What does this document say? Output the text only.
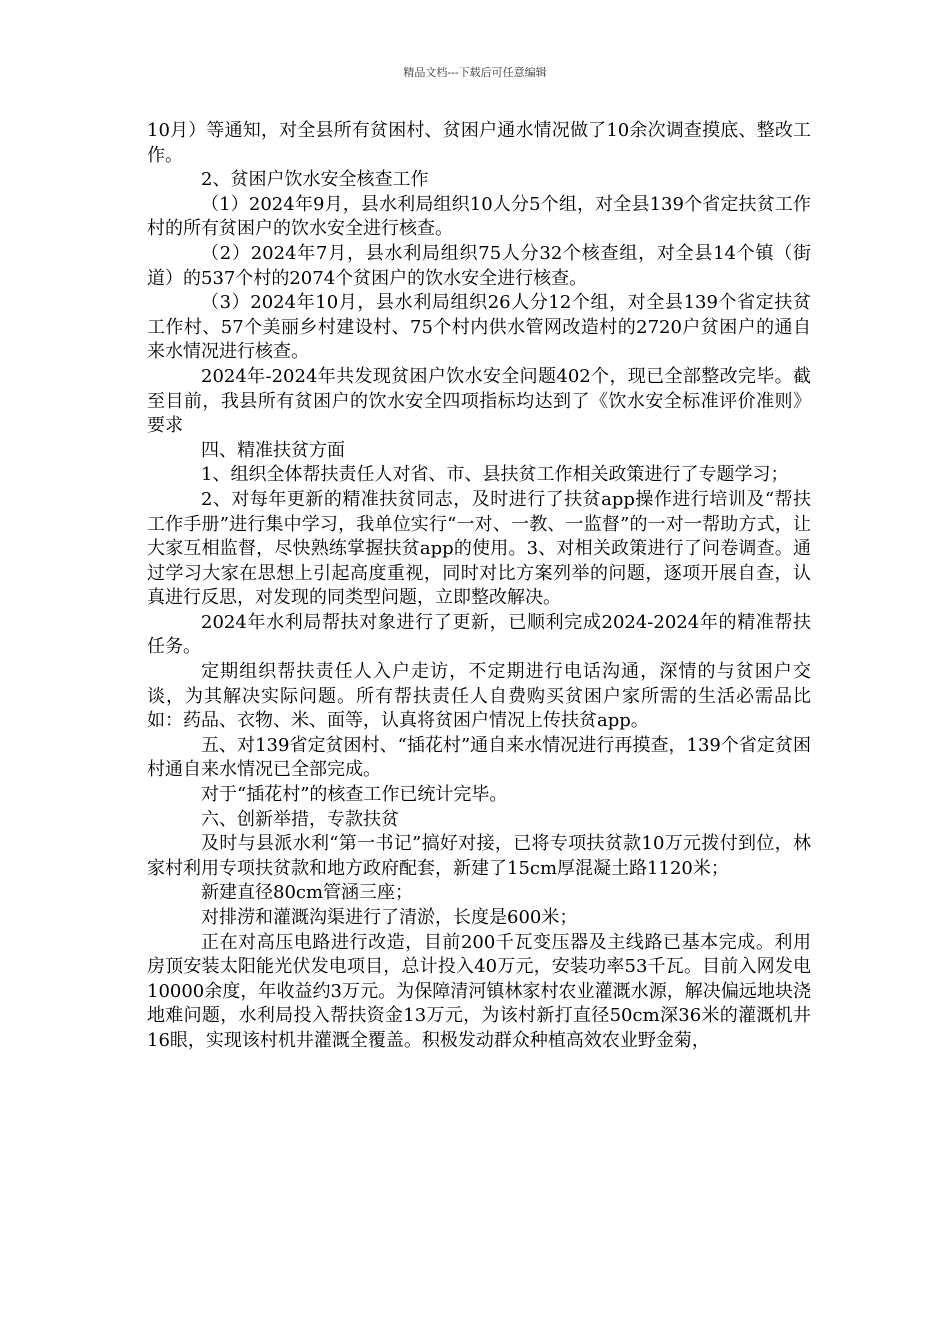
精品文档---下载后可任意编辑

10月）等通知，对全县所有贫困村、贫困户通水情况做了10余次调查摸底、整改工作。

2、贫困户饮水安全核查工作

（1）2024年9月，县水利局组织10人分5个组，对全县139个省定扶贫工作村的所有贫困户的饮水安全进行核查。

（2）2024年7月，县水利局组织75人分32个核查组，对全县14个镇（街道）的537个村的2074个贫困户的饮水安全进行核查。

（3）2024年10月，县水利局组织26人分12个组，对全县139个省定扶贫工作村、57个美丽乡村建设村、75个村内供水管网改造村的2720户贫困户的通自来水情况进行核查。

2024年-2024年共发现贫困户饮水安全问题402个，现已全部整改完毕。截至目前，我县所有贫困户的饮水安全四项指标均达到了《饮水安全标准评价准则》要求

四、精准扶贫方面

1、组织全体帮扶责任人对省、市、县扶贫工作相关政策进行了专题学习；

2、对每年更新的精准扶贫同志，及时进行了扶贫app操作进行培训及“帮扶工作手册”进行集中学习，我单位实行“一对、一教、一监督”的一对一帮助方式，让大家互相监督，尽快熟练掌握扶贫app的使用。3、对相关政策进行了问卷调查。通过学习大家在思想上引起高度重视，同时对比方案列举的问题，逐项开展自查，认真进行反思，对发现的同类型问题，立即整改解决。

2024年水利局帮扶对象进行了更新，已顺利完成2024-2024年的精准帮扶任务。

定期组织帮扶责任人入户走访，不定期进行电话沟通，深情的与贫困户交谈，为其解决实际问题。所有帮扶责任人自费购买贫困户家所需的生活必需品比如：药品、衣物、米、面等，认真将贫困户情况上传扶贫app。

五、对139省定贫困村、“插花村”通自来水情况进行再摸查，139个省定贫困村通自来水情况已全部完成。

对于“插花村”的核查工作已统计完毕。

六、创新举措，专款扶贫

及时与县派水利“第一书记”搞好对接，已将专项扶贫款10万元拨付到位，林家村利用专项扶贫款和地方政府配套，新建了15cm厚混凝土路1120米；

新建直径80cm管涵三座；

对排涝和灌溉沟渠进行了清淤，长度是600米；

正在对高压电路进行改造，目前200千瓦变压器及主线路已基本完成。利用房顶安装太阳能光伏发电项目，总计投入40万元，安装功率53千瓦。目前入网发电10000余度，年收益约3万元。为保障清河镇林家村农业灌溉水源，解决偏远地块浇地难问题，水利局投入帮扶资金13万元，为该村新打直径50cm深36米的灌溉机井16眼，实现该村机井灌溉全覆盖。积极发动群众种植高效农业野金菊，
